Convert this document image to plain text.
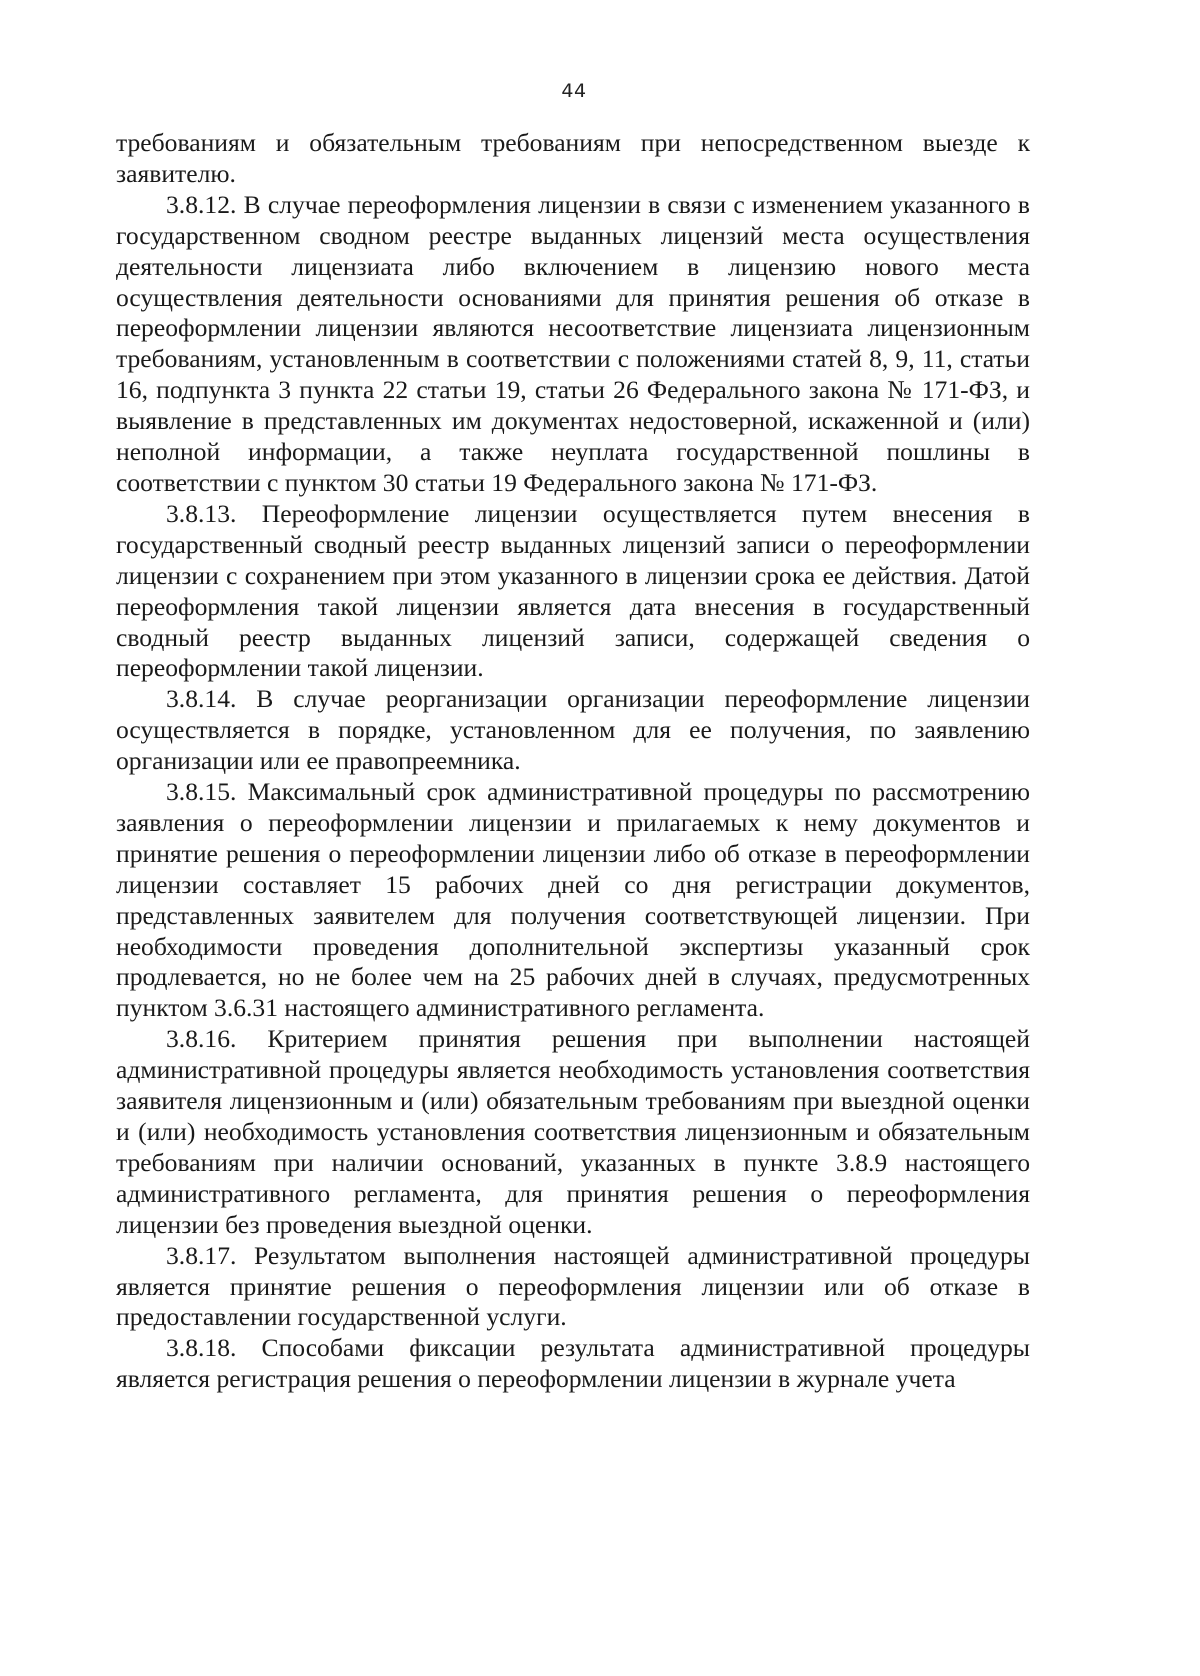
44

требованиям и обязательным требованиям при непосредственном выезде к заявителю.

3.8.12. В случае переоформления лицензии в связи с изменением указанного в государственном сводном реестре выданных лицензий места осуществления деятельности лицензиата либо включением в лицензию нового места осуществления деятельности основаниями для принятия решения об отказе в переоформлении лицензии являются несоответствие лицензиата лицензионным требованиям, установленным в соответствии с положениями статей 8, 9, 11, статьи 16, подпункта 3 пункта 22 статьи 19, статьи 26 Федерального закона № 171-ФЗ, и выявление в представленных им документах недостоверной, искаженной и (или) неполной информации, а также неуплата государственной пошлины в соответствии с пунктом 30 статьи 19 Федерального закона № 171-ФЗ.

3.8.13. Переоформление лицензии осуществляется путем внесения в государственный сводный реестр выданных лицензий записи о переоформлении лицензии с сохранением при этом указанного в лицензии срока ее действия. Датой переоформления такой лицензии является дата внесения в государственный сводный реестр выданных лицензий записи, содержащей сведения о переоформлении такой лицензии.

3.8.14. В случае реорганизации организации переоформление лицензии осуществляется в порядке, установленном для ее получения, по заявлению организации или ее правопреемника.

3.8.15. Максимальный срок административной процедуры по рассмотрению заявления о переоформлении лицензии и прилагаемых к нему документов и принятие решения о переоформлении лицензии либо об отказе в переоформлении лицензии составляет 15 рабочих дней со дня регистрации документов, представленных заявителем для получения соответствующей лицензии. При необходимости проведения дополнительной экспертизы указанный срок продлевается, но не более чем на 25 рабочих дней в случаях, предусмотренных пунктом 3.6.31 настоящего административного регламента.

3.8.16. Критерием принятия решения при выполнении настоящей административной процедуры является необходимость установления соответствия заявителя лицензионным и (или) обязательным требованиям при выездной оценки и (или) необходимость установления соответствия лицензионным и обязательным требованиям при наличии оснований, указанных в пункте 3.8.9 настоящего административного регламента, для принятия решения о переоформления лицензии без проведения выездной оценки.

3.8.17. Результатом выполнения настоящей административной процедуры является принятие решения о переоформления лицензии или об отказе в предоставлении государственной услуги.

3.8.18. Способами фиксации результата административной процедуры является регистрация решения о переоформлении лицензии в журнале учета
